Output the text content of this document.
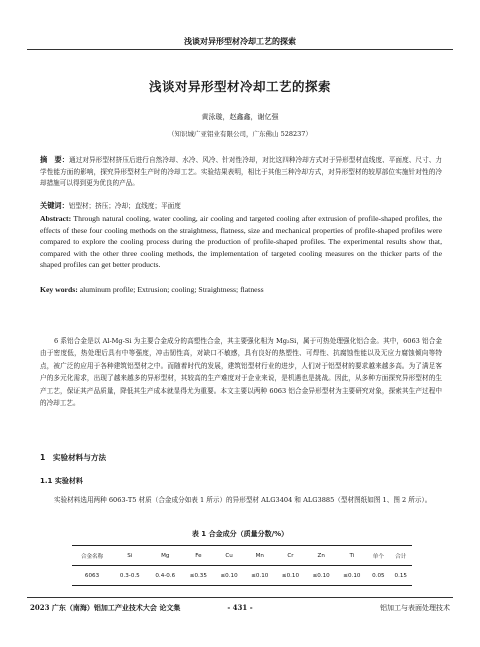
浅谈对异形型材冷却工艺的探索
浅谈对异形型材冷却工艺的探索
黄泳璇，赵鑫鑫，谢亿强
（知识城广亚铝业有限公司，广东佛山 528237）

摘　要：通过对异形型材挤压后进行自然冷却、水冷、风冷、针对性冷却，对比这四种冷却方式对于异形型材直线度、平面度、尺寸、力学性能方面的影响，探究异形型材生产时的冷却工艺。实验结果表明，相比于其他三种冷却方式，对异形型材的较厚部位实施针对性的冷却措施可以得到更为优良的产品。

关键词：铝型材；挤压；冷却；直线度；平面度

Abstract: Through natural cooling, water cooling, air cooling and targeted cooling after extrusion of profile-shaped profiles, the effects of these four cooling methods on the straightness, flatness, size and mechanical properties of profile-shaped profiles were compared to explore the cooling process during the production of profile-shaped profiles. The experimental results show that, compared with the other three cooling methods, the implementation of targeted cooling measures on the thicker parts of the shaped profiles can get better products.

Key words: aluminum profile; Extrusion; cooling; Straightness; flatness

6 系铝合金是以 Al-Mg-Si 为主要合金成分的高塑性合金，其主要强化相为 Mg₂Si，属于可热处理强化铝合金。其中，6063 铝合金由于密度低，热处理后具有中等强度，冲击韧性高，对缺口不敏感，具有良好的热塑性、可焊性、抗腐蚀性能以及无应力腐蚀倾向等特点，被广泛的应用于各种建筑铝型材之中。而随着时代的发展，建筑铝型材行业的进步，人们对于铝型材的要求越来越多高。为了满足客户的多元化需求，出现了越来越多的异形型材，其较高的生产难度对于企业来说，是机遇也是挑战。因此，从多种方面探究异形型材的生产工艺，保证其产品质量，降低其生产成本就显得尤为重要。本文主要以两种 6063 铝合金异形型材为主要研究对象，探索其生产过程中的冷却工艺。

1　实验材料与方法
1.1 实验材料

实验材料选用两种 6063-T5 材质（合金成分如表 1 所示）的异形型材 ALG3404 和 ALG3885（型材图纸如图 1、图 2 所示）。

表 1 合金成分（质量分数/%）
合金名称	Si	Mg	Fe	Cu	Mn	Cr	Zn	Ti	单个	合计
6063	0.3-0.5	0.4-0.6	≤0.35	≤0.10	≤0.10	≤0.10	≤0.10	≤0.10	0.05	0.15
2023 广东（南海）铝加工产业技术大会 论文集	- 431 -	铝加工与表面处理技术
